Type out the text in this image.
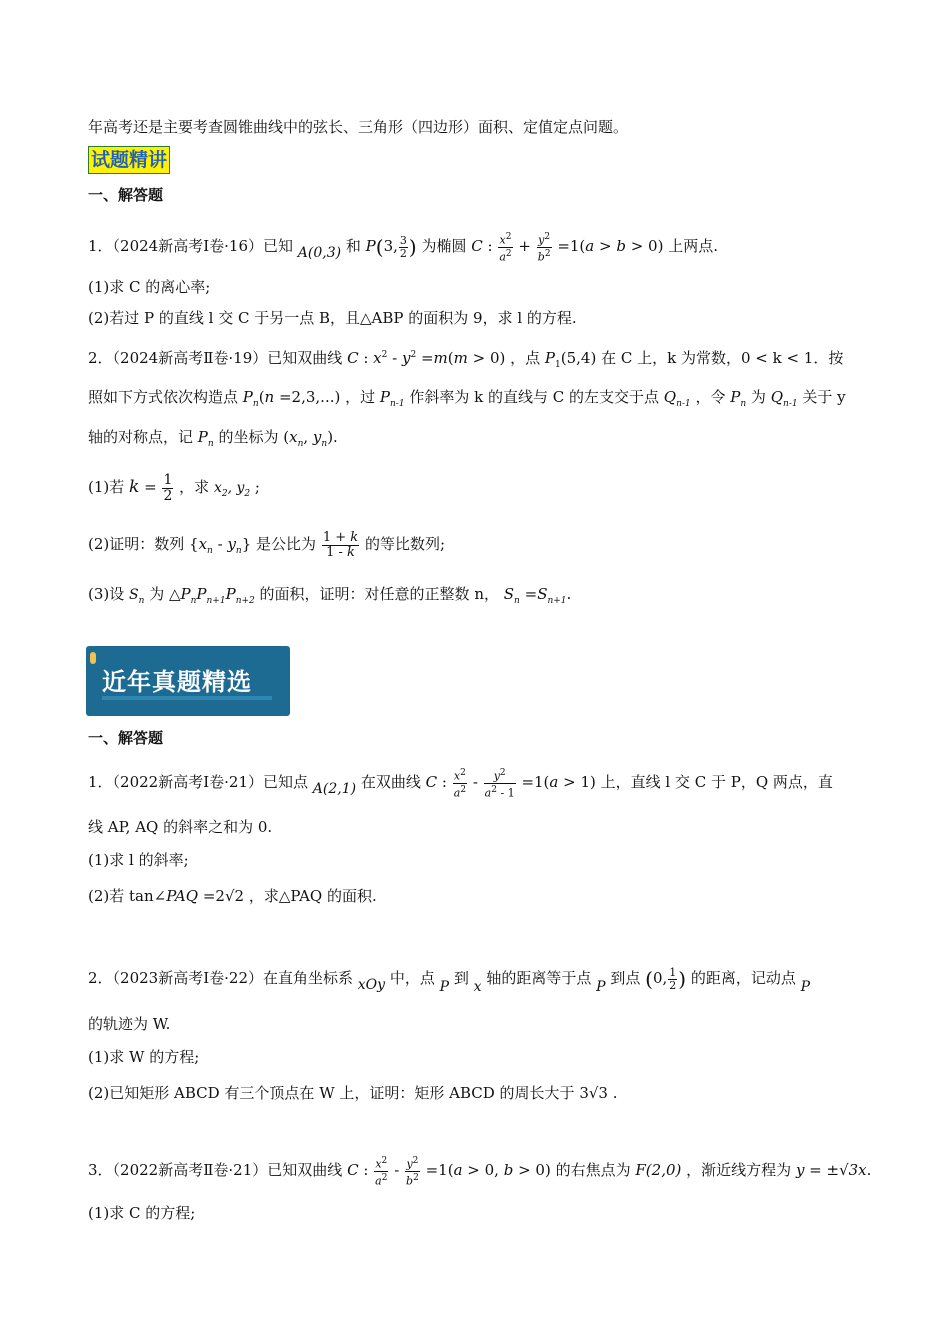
年高考还是主要考查圆锥曲线中的弦长、三角形（四边形）面积、定值定点问题。
试题精讲
一、解答题
1．（2024新高考Ⅰ卷·16）已知 A(0,3) 和 P(3, $\frac{3}{2}$ ) 为椭圆 C : $\frac{x^2}{a^2} + \frac{y^2}{b^2} =1(a > b > 0)$ 上两点.
(1)求 C 的离心率;
(2)若过 P 的直线 l 交 C 于另一点 B，且△ABP 的面积为 9，求 l 的方程.
2．（2024新高考Ⅱ卷·19）已知双曲线 C : $x^2 - y^2 =m(m > 0)$ ，点 $P_1(5,4)$ 在 C 上，k 为常数，0 < k < 1．按
照如下方式依次构造点 $P_n(n =2,3,...)$ ，过 $P_{n-1}$ 作斜率为 k 的直线与 C 的左支交于点 $Q_{n-1}$ ，令 $P_n$ 为 $Q_{n-1}$ 关于 y
轴的对称点，记 $P_n$ 的坐标为 ($x_n$, $y_n$).
(1)若 $k = \frac{1}{2}$ ，求 $x_2$, $y_2$ ;
(2)证明：数列 $\{x_n - y_n\}$ 是公比为 $\frac{1 + k}{1 - k}$ 的等比数列;
(3)设 $S_n$ 为 $\triangle P_nP_{n+1}P_{n+2}$ 的面积，证明：对任意的正整数 n， $S_n =S_{n+1}$.
近年真题精选
一、解答题
1．（2022新高考Ⅰ卷·21）已知点 A(2,1) 在双曲线 C : $\frac{x^2}{a^2} - \frac{y^2}{a^2 - 1} =1(a > 1)$ 上，直线 l 交 C 于 P，Q 两点，直
线 AP, AQ 的斜率之和为 0.
(1)求 l 的斜率;
(2)若 tan∠PAQ =2√2 ，求△PAQ 的面积.
2．（2023新高考Ⅰ卷·22）在直角坐标系 xOy 中，点 P 到 x 轴的距离等于点 P 到点 (0, $\frac{1}{2}$ ) 的距离，记动点 P
的轨迹为 W.
(1)求 W 的方程;
(2)已知矩形 ABCD 有三个顶点在 W 上，证明：矩形 ABCD 的周长大于 3√3 .
3．（2022新高考Ⅱ卷·21）已知双曲线 C : $\frac{x^2}{a^2} - \frac{y^2}{b^2} =1(a > 0$, b > 0) 的右焦点为 F(2,0) ，渐近线方程为 y = ±√3x.
(1)求 C 的方程;
